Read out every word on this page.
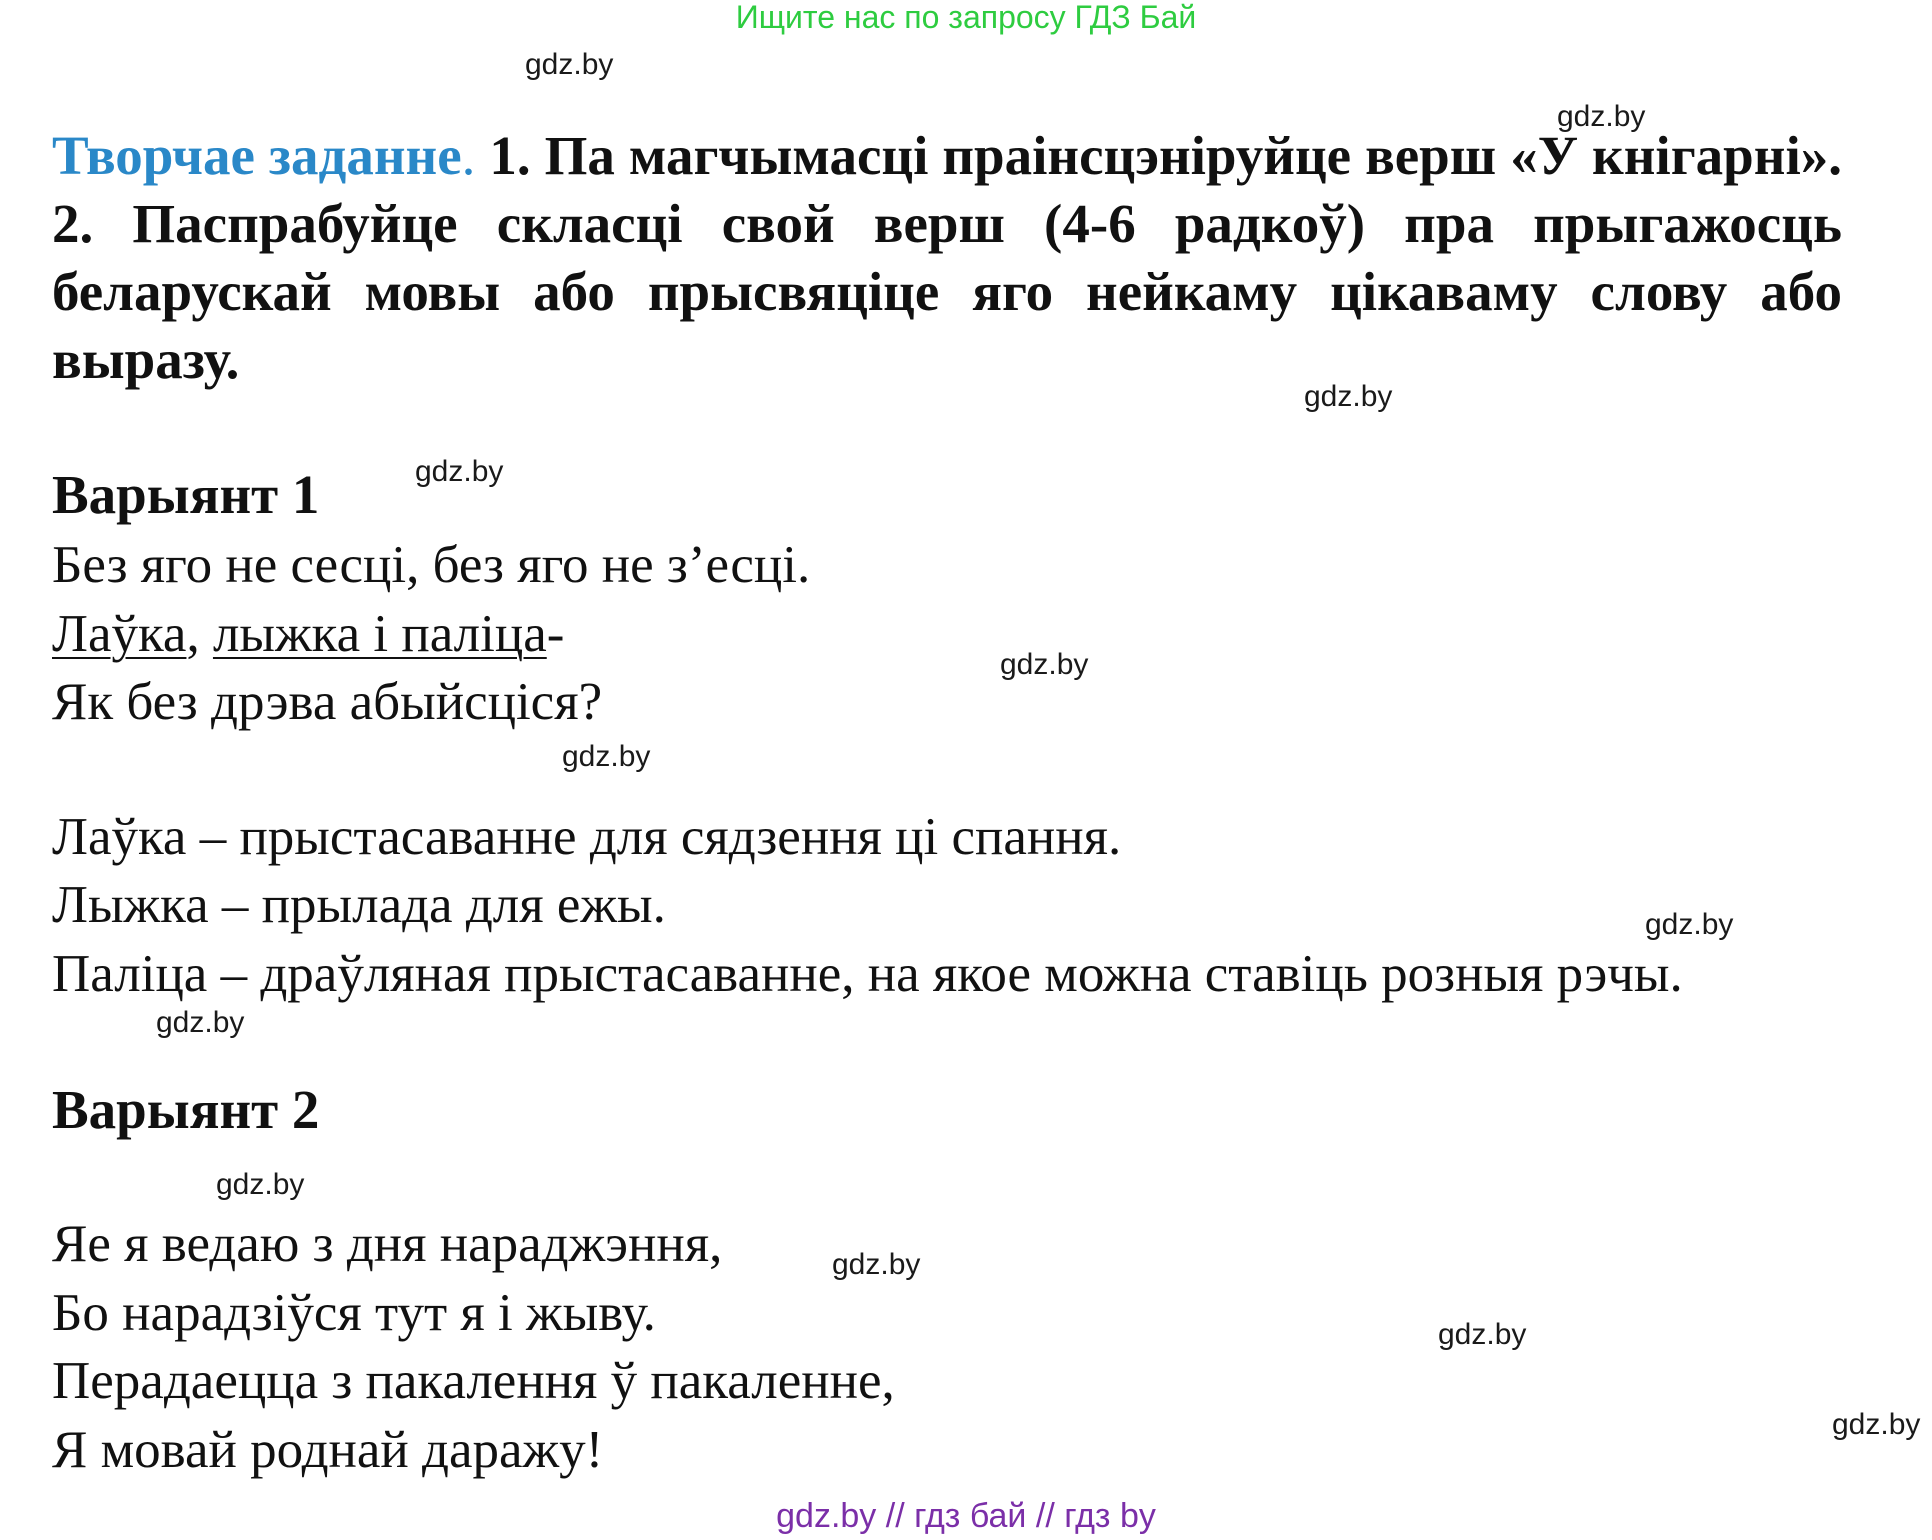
Ищите нас по запросу ГДЗ Бай
gdz.by
gdz.by
gdz.by
gdz.by
gdz.by
gdz.by
gdz.by
gdz.by
gdz.by
gdz.by
gdz.by
gdz.by
Творчае заданне. 1. Па магчымасці праінсцэніруйце верш «У кнігарні». 2. Паспрабуйце скласці свой верш (4-6 радкоў) пра прыгажосць беларускай мовы або прысвяціце яго нейкаму цікаваму слову або выразу.
Варыянт 1
Без яго не сесці, без яго не з’есці.
Лаўка, лыжка і паліца-
Як без дрэва абыйсціся?
Лаўка – прыстасаванне для сядзення ці спання.
Лыжка – прылада для ежы.
Паліца – драўляная прыстасаванне, на якое можна ставіць розныя рэчы.
Варыянт 2
Яе я ведаю з дня нараджэння,
Бо нарадзіўся тут я і жыву.
Перадаецца з пакалення ў пакаленне,
Я мовай роднай даражу!
gdz.by // гдз бай // гдз by
